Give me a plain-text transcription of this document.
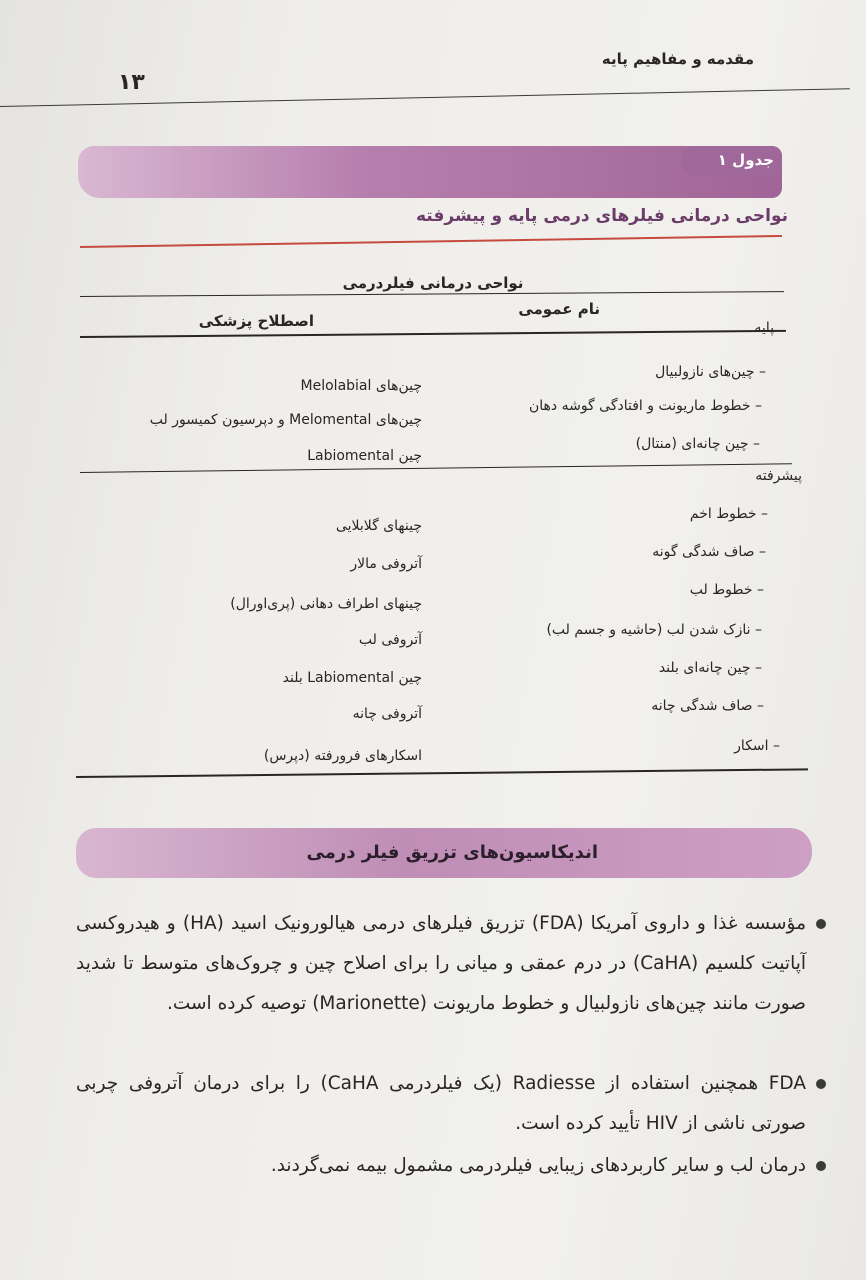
مقدمه و مفاهیم پایه
۱۳
جدول ۱
نواحی درمانی فیلرهای درمی پایه و پیشرفته
نواحی درمانی فیلردرمی
نام عمومی
اصطلاح پزشکی	پایه
– چین‌های نازولبیال
چین‌های Melolabial
– خطوط ماریونت و افتادگی گوشه دهان
چین‌های Melomental و دپرسیون کمیسور لب
– چین چانه‌ای (منتال)
چین Labiomental
پیشرفته
– خطوط اخم
چینهای گلابلایی
– صاف شدگی گونه
آتروفی مالار
– خطوط لب
چینهای اطراف دهانی (پری‌اورال)
– نازک شدن لب (حاشیه و جسم لب)
آتروفی لب
– چین چانه‌ای بلند
چین Labiomental بلند
– صاف شدگی چانه
آتروفی چانه
– اسکار
اسکارهای فرورفته (دپرس)
اندیکاسیون‌های تزریق فیلر درمی
مؤسسه غذا و داروی آمریکا (FDA) تزریق فیلرهای درمی هیالورونیک اسید (HA) و هیدروکسی آپاتیت کلسیم (CaHA) در درم عمقی و میانی را برای اصلاح چین و چروک‌های متوسط تا شدید صورت مانند چین‌های نازولبیال و خطوط ماریونت (Marionette) توصیه کرده است.
FDA همچنین استفاده از Radiesse (یک فیلردرمی CaHA) را برای درمان آتروفی چربی صورتی ناشی از HIV تأیید کرده است.
درمان لب و سایر کاربردهای زیبایی فیلردرمی مشمول بیمه نمی‌گردند.
